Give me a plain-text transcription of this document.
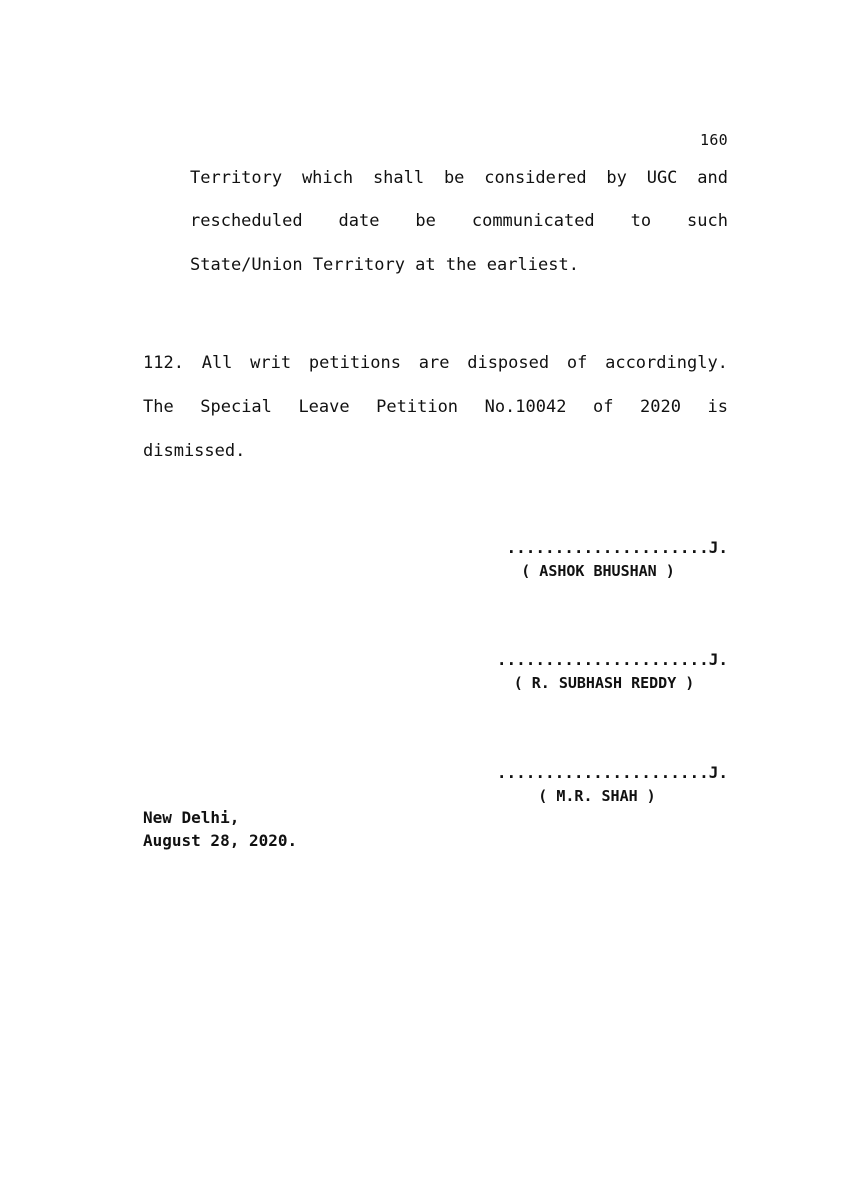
160
Territory which shall be considered by UGC and
rescheduled date be communicated to such
State/Union Territory at the earliest.
112. All writ petitions are disposed of accordingly.
The Special Leave Petition No.10042 of 2020 is
dismissed.
.....................J.
( ASHOK BHUSHAN )
......................J.
( R. SUBHASH REDDY )
......................J.
( M.R. SHAH )
New Delhi,
August 28, 2020.
